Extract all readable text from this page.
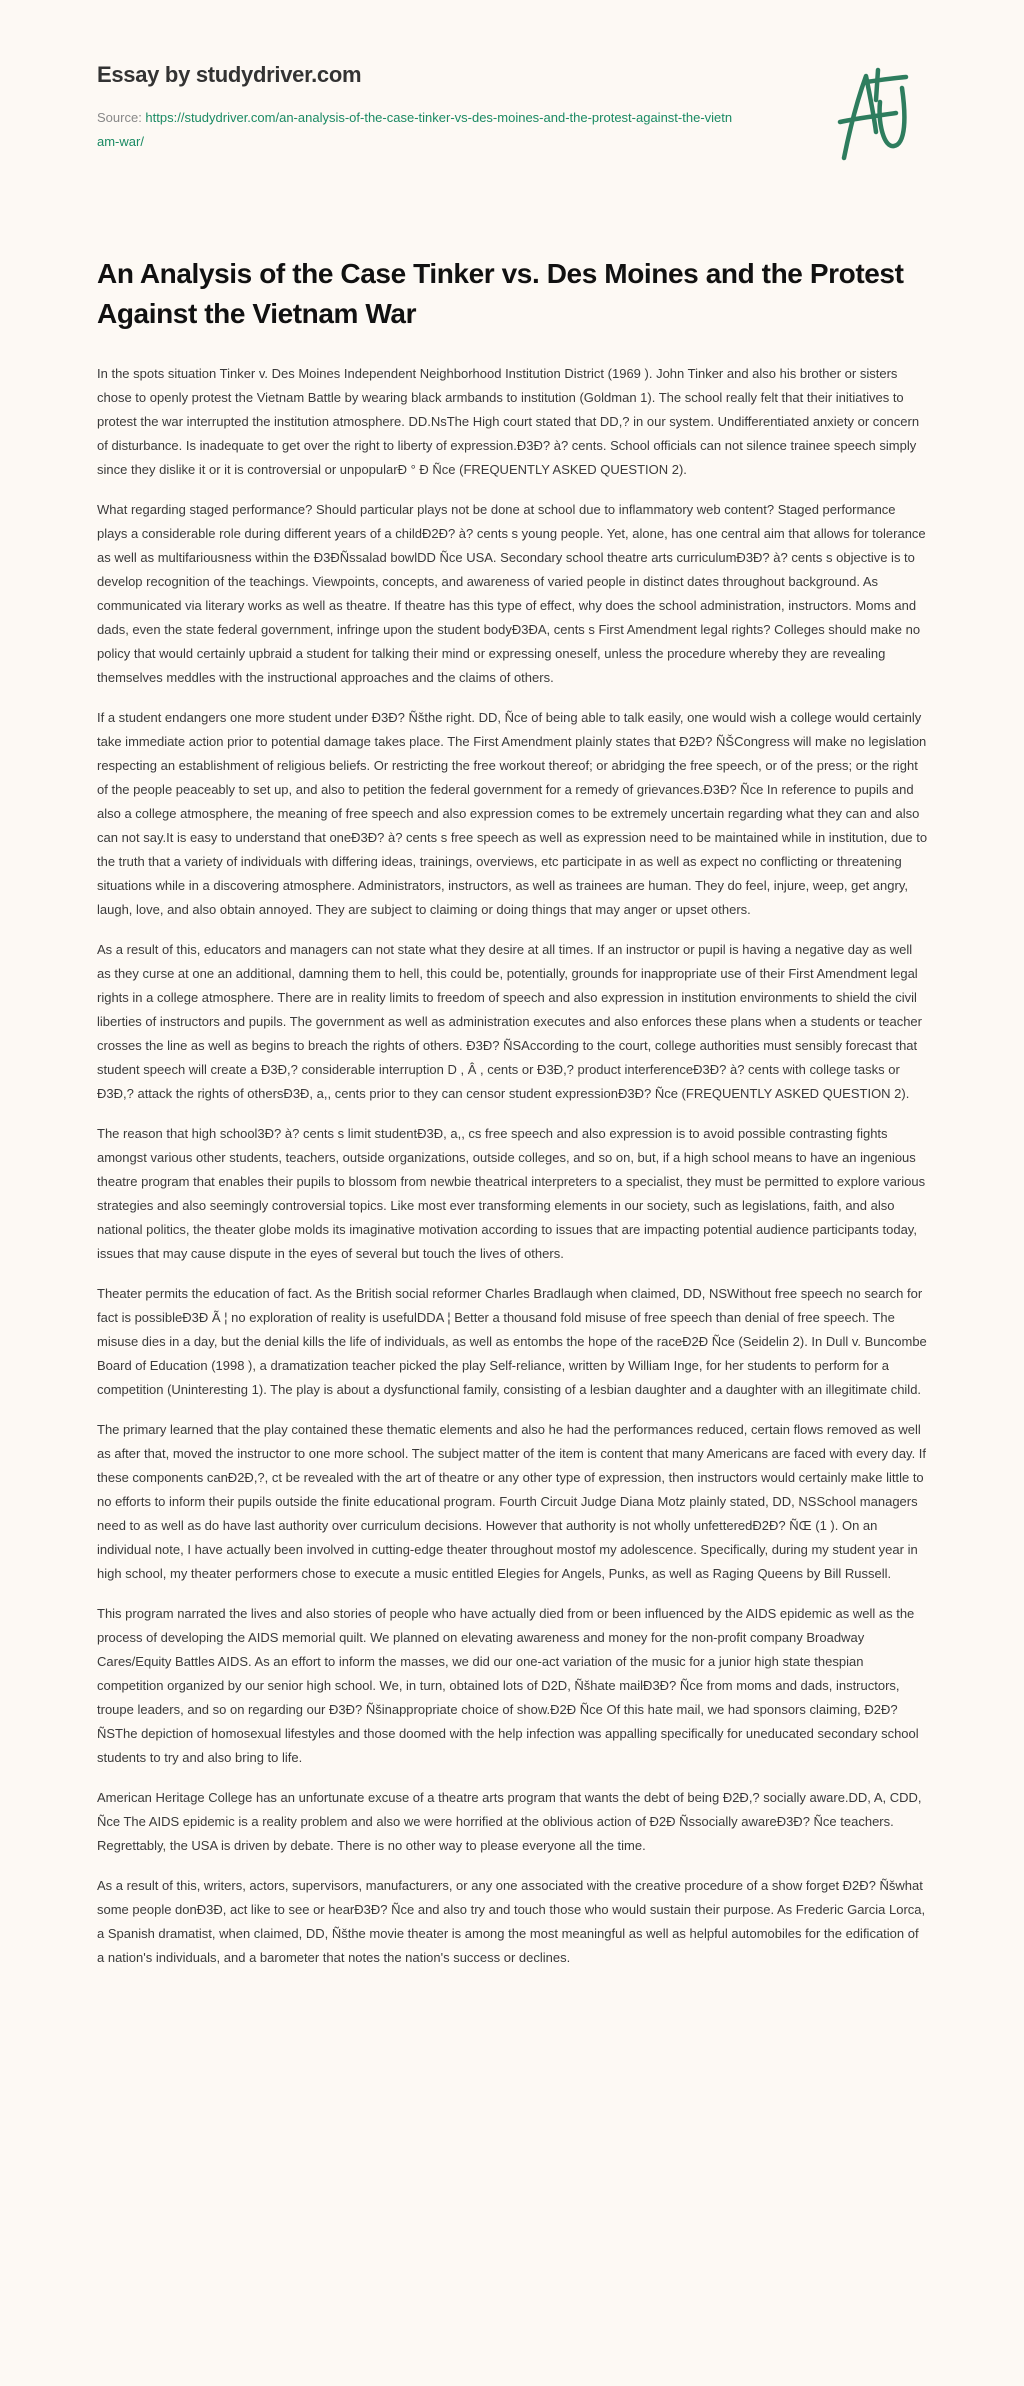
Essay by studydriver.com
Source: https://studydriver.com/an-analysis-of-the-case-tinker-vs-des-moines-and-the-protest-against-the-vietnam-war/
An Analysis of the Case Tinker vs. Des Moines and the Protest Against the Vietnam War

In the spots situation Tinker v. Des Moines Independent Neighborhood Institution District (1969 ). John Tinker and also his brother or sisters chose to openly protest the Vietnam Battle by wearing black armbands to institution (Goldman 1). The school really felt that their initiatives to protest the war interrupted the institution atmosphere. DD.NsThe High court stated that DD,? in our system. Undifferentiated anxiety or concern of disturbance. Is inadequate to get over the right to liberty of expression.Đ3Đ? à? cents. School officials can not silence trainee speech simply since they dislike it or it is controversial or unpopularĐ ° Đ Ñce (FREQUENTLY ASKED QUESTION 2).

What regarding staged performance? Should particular plays not be done at school due to inflammatory web content? Staged performance plays a considerable role during different years of a childĐ2Đ? à? cents s young people. Yet, alone, has one central aim that allows for tolerance as well as multifariousness within the Đ3ĐÑssalad bowlDD Ñce USA. Secondary school theatre arts curriculumĐ3Đ? à? cents s objective is to develop recognition of the teachings. Viewpoints, concepts, and awareness of varied people in distinct dates throughout background. As communicated via literary works as well as theatre. If theatre has this type of effect, why does the school administration, instructors. Moms and dads, even the state federal government, infringe upon the student bodyĐ3ĐA, cents s First Amendment legal rights? Colleges should make no policy that would certainly upbraid a student for talking their mind or expressing oneself, unless the procedure whereby they are revealing themselves meddles with the instructional approaches and the claims of others.

If a student endangers one more student under Đ3Đ? Ñšthe right. DD, Ñce of being able to talk easily, one would wish a college would certainly take immediate action prior to potential damage takes place. The First Amendment plainly states that Đ2Đ? ÑŠCongress will make no legislation respecting an establishment of religious beliefs. Or restricting the free workout thereof; or abridging the free speech, or of the press; or the right of the people peaceably to set up, and also to petition the federal government for a remedy of grievances.Đ3Đ? Ñce In reference to pupils and also a college atmosphere, the meaning of free speech and also expression comes to be extremely uncertain regarding what they can and also can not say.It is easy to understand that oneĐ3Đ? à? cents s free speech as well as expression need to be maintained while in institution, due to the truth that a variety of individuals with differing ideas, trainings, overviews, etc participate in as well as expect no conflicting or threatening situations while in a discovering atmosphere. Administrators, instructors, as well as trainees are human. They do feel, injure, weep, get angry, laugh, love, and also obtain annoyed. They are subject to claiming or doing things that may anger or upset others.

As a result of this, educators and managers can not state what they desire at all times. If an instructor or pupil is having a negative day as well as they curse at one an additional, damning them to hell, this could be, potentially, grounds for inappropriate use of their First Amendment legal rights in a college atmosphere. There are in reality limits to freedom of speech and also expression in institution environments to shield the civil liberties of instructors and pupils. The government as well as administration executes and also enforces these plans when a students or teacher crosses the line as well as begins to breach the rights of others. Đ3Đ? ÑSAccording to the court, college authorities must sensibly forecast that student speech will create a Đ3Đ,? considerable interruption D , Â , cents or Đ3Đ,? product interferenceĐ3Đ? à? cents with college tasks or Đ3Đ,? attack the rights of othersĐ3Đ, a,, cents prior to they can censor student expressionĐ3Đ? Ñce (FREQUENTLY ASKED QUESTION 2).

The reason that high school3Đ? à? cents s limit studentĐ3Đ, a,, cs free speech and also expression is to avoid possible contrasting fights amongst various other students, teachers, outside organizations, outside colleges, and so on, but, if a high school means to have an ingenious theatre program that enables their pupils to blossom from newbie theatrical interpreters to a specialist, they must be permitted to explore various strategies and also seemingly controversial topics. Like most ever transforming elements in our society, such as legislations, faith, and also national politics, the theater globe molds its imaginative motivation according to issues that are impacting potential audience participants today, issues that may cause dispute in the eyes of several but touch the lives of others.

Theater permits the education of fact. As the British social reformer Charles Bradlaugh when claimed, DD, NSWithout free speech no search for fact is possibleĐ3Đ Ã ¦ no exploration of reality is usefulDDA ¦ Better a thousand fold misuse of free speech than denial of free speech. The misuse dies in a day, but the denial kills the life of individuals, as well as entombs the hope of the raceĐ2Đ Ñce (Seidelin 2). In Dull v. Buncombe Board of Education (1998 ), a dramatization teacher picked the play Self-reliance, written by William Inge, for her students to perform for a competition (Uninteresting 1). The play is about a dysfunctional family, consisting of a lesbian daughter and a daughter with an illegitimate child.

The primary learned that the play contained these thematic elements and also he had the performances reduced, certain flows removed as well as after that, moved the instructor to one more school. The subject matter of the item is content that many Americans are faced with every day. If these components canĐ2Đ,?, ct be revealed with the art of theatre or any other type of expression, then instructors would certainly make little to no efforts to inform their pupils outside the finite educational program. Fourth Circuit Judge Diana Motz plainly stated, DD, NSSchool managers need to as well as do have last authority over curriculum decisions. However that authority is not wholly unfetteredĐ2Đ? ÑŒ (1 ). On an individual note, I have actually been involved in cutting-edge theater throughout mostof my adolescence. Specifically, during my student year in high school, my theater performers chose to execute a music entitled Elegies for Angels, Punks, as well as Raging Queens by Bill Russell.

This program narrated the lives and also stories of people who have actually died from or been influenced by the AIDS epidemic as well as the process of developing the AIDS memorial quilt. We planned on elevating awareness and money for the non-profit company Broadway Cares/Equity Battles AIDS. As an effort to inform the masses, we did our one-act variation of the music for a junior high state thespian competition organized by our senior high school. We, in turn, obtained lots of D2D, Ñšhate mailĐ3Đ? Ñce from moms and dads, instructors, troupe leaders, and so on regarding our Đ3Đ? Ñšinappropriate choice of show.Đ2Đ Ñce Of this hate mail, we had sponsors claiming, Đ2Đ? ÑSThe depiction of homosexual lifestyles and those doomed with the help infection was appalling specifically for uneducated secondary school students to try and also bring to life.

American Heritage College has an unfortunate excuse of a theatre arts program that wants the debt of being Đ2Đ,? socially aware.DD, A, CDD, Ñce The AIDS epidemic is a reality problem and also we were horrified at the oblivious action of Đ2Đ Ñssocially awareĐ3Đ? Ñce teachers. Regrettably, the USA is driven by debate. There is no other way to please everyone all the time.

As a result of this, writers, actors, supervisors, manufacturers, or any one associated with the creative procedure of a show forget Đ2Đ? Ñšwhat some people donĐ3Đ, act like to see or hearĐ3Đ? Ñce and also try and touch those who would sustain their purpose. As Frederic Garcia Lorca, a Spanish dramatist, when claimed, DD, Ñšthe movie theater is among the most meaningful as well as helpful automobiles for the edification of a nation's individuals, and a barometer that notes the nation's success or declines.
